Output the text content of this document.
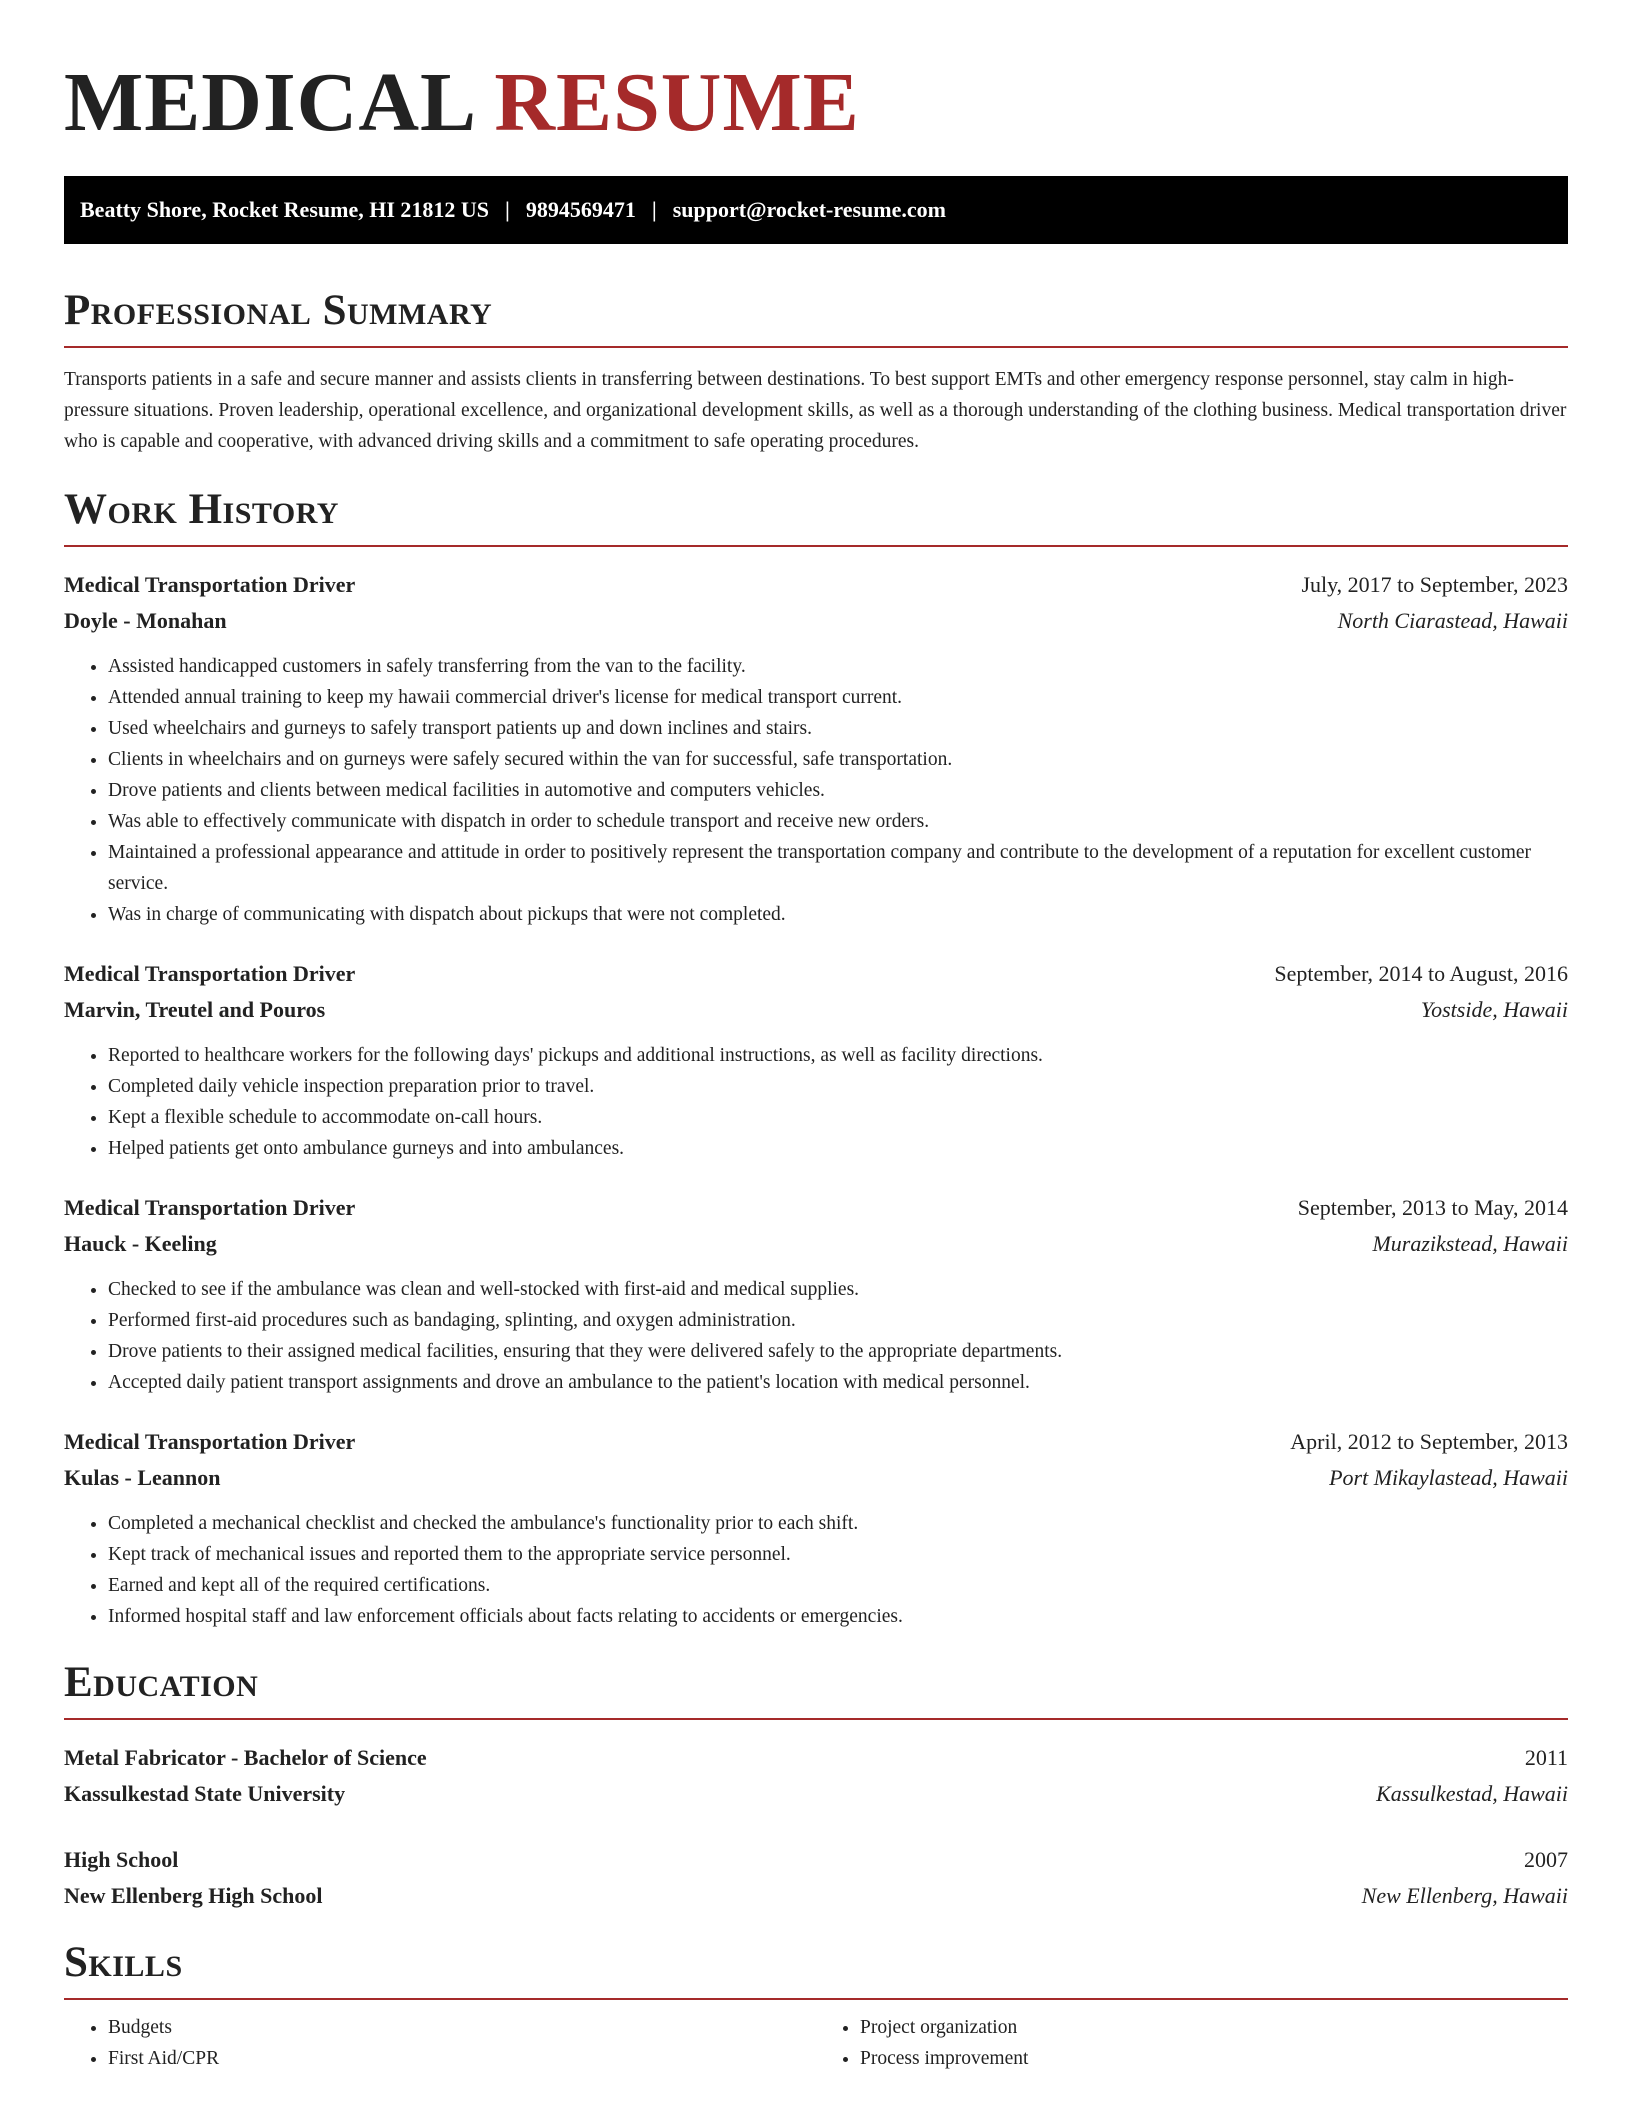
MEDICAL RESUME
Beatty Shore, Rocket Resume, HI 21812 US | 9894569471 | support@rocket-resume.com
Professional Summary

Transports patients in a safe and secure manner and assists clients in transferring between destinations. To best support EMTs and other emergency response personnel, stay calm in high-pressure situations. Proven leadership, operational excellence, and organizational development skills, as well as a thorough understanding of the clothing business. Medical transportation driver who is capable and cooperative, with advanced driving skills and a commitment to safe operating procedures.

Work History
Medical Transportation Driver	July, 2017 to September, 2023
Doyle - Monahan	North Ciarastead, Hawaii
• Assisted handicapped customers in safely transferring from the van to the facility.
• Attended annual training to keep my hawaii commercial driver's license for medical transport current.
• Used wheelchairs and gurneys to safely transport patients up and down inclines and stairs.
• Clients in wheelchairs and on gurneys were safely secured within the van for successful, safe transportation.
• Drove patients and clients between medical facilities in automotive and computers vehicles.
• Was able to effectively communicate with dispatch in order to schedule transport and receive new orders.
• Maintained a professional appearance and attitude in order to positively represent the transportation company and contribute to the development of a reputation for excellent customer service.
• Was in charge of communicating with dispatch about pickups that were not completed.
Medical Transportation Driver	September, 2014 to August, 2016
Marvin, Treutel and Pouros	Yostside, Hawaii
• Reported to healthcare workers for the following days' pickups and additional instructions, as well as facility directions.
• Completed daily vehicle inspection preparation prior to travel.
• Kept a flexible schedule to accommodate on-call hours.
• Helped patients get onto ambulance gurneys and into ambulances.
Medical Transportation Driver	September, 2013 to May, 2014
Hauck - Keeling	Murazikstead, Hawaii
• Checked to see if the ambulance was clean and well-stocked with first-aid and medical supplies.
• Performed first-aid procedures such as bandaging, splinting, and oxygen administration.
• Drove patients to their assigned medical facilities, ensuring that they were delivered safely to the appropriate departments.
• Accepted daily patient transport assignments and drove an ambulance to the patient's location with medical personnel.
Medical Transportation Driver	April, 2012 to September, 2013
Kulas - Leannon	Port Mikaylastead, Hawaii
• Completed a mechanical checklist and checked the ambulance's functionality prior to each shift.
• Kept track of mechanical issues and reported them to the appropriate service personnel.
• Earned and kept all of the required certifications.
• Informed hospital staff and law enforcement officials about facts relating to accidents or emergencies.
Education
Metal Fabricator - Bachelor of Science	2011
Kassulkestad State University	Kassulkestad, Hawaii
High School	2007
New Ellenberg High School	New Ellenberg, Hawaii
Skills
• Budgets
• First Aid/CPR
• Project organization
• Process improvement
